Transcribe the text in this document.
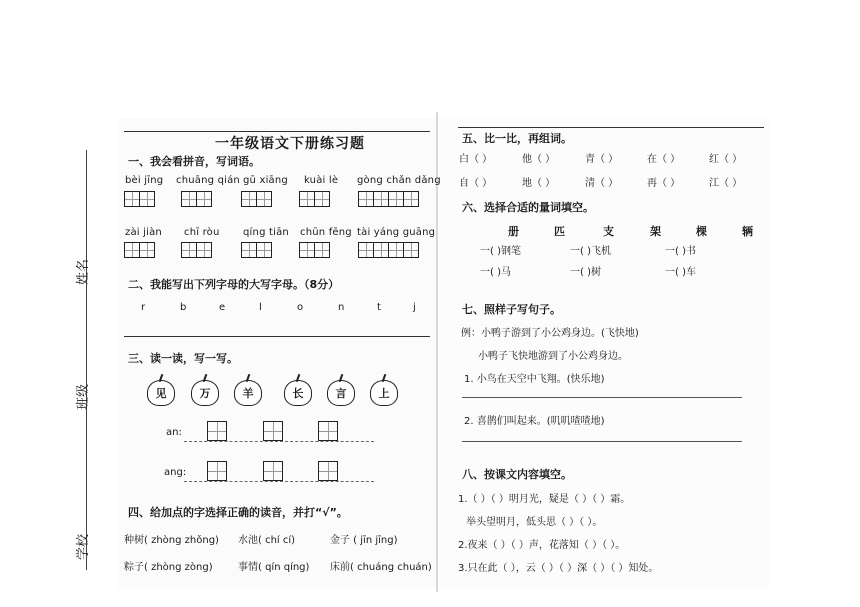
姓名
班级
学校
一年级语文下册练习题
一、我会看拼音，写词语。
bèi jīng chuāng qián gū xiāng kuài lè gòng chǎn dǎng
zài jiàn chī ròu qíng tiān chūn fēng tài yáng guāng
二、我能写出下列字母的大写字母。（8分）
r	b	e	l	o	n	t	j
三、读一读，写一写。
见	万	羊	长	言	上
an:
ang:
四、给加点的字选择正确的读音，并打“√”。
种树( zhòng zhǒng) 水池( chí cí)	金子 ( jīn jīng)
粽子( zhòng zòng)	事情( qín qíng) 床前( chuáng chuán)
五、比一比，再组词。
白（ ）	他（ ）	青（ ）	在（ ）	红（ ）
自（ ）	地（ ）	清（ ）	再（ ）	江（ ）
六、选择合适的量词填空。
册	匹	支	架	棵	辆
一( )钢笔	一( )飞机	一( )书
一( )马	一( )树	一( )车
七、照样子写句子。
例：小鸭子游到了小公鸡身边。(飞快地)
小鸭子飞快地游到了小公鸡身边。
1. 小鸟在天空中飞翔。(快乐地)
2. 喜鹊们叫起来。(叽叽喳喳地)
八、按课文内容填空。
1.（ ）（ ）明月光，疑是（ ）（ ）霜。
举头望明月，低头思（ ）（ ）。
2.夜来（ ）（ ）声，花落知（ ）（ ）。
3.只在此（ ），云（ ）（ ）深（ ）（ ）知处。
